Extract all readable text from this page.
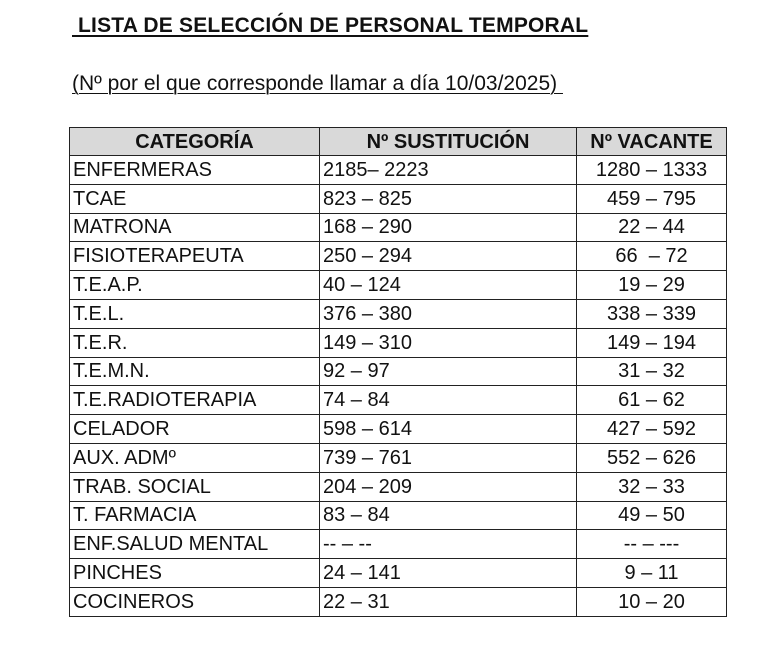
LISTA DE SELECCIÓN DE PERSONAL TEMPORAL
(Nº por el que corresponde llamar a día 10/03/2025)
CATEGORÍA	Nº SUSTITUCIÓN	Nº VACANTE
ENFERMERAS	2185– 2223	1280 – 1333
TCAE	823 – 825	459 – 795
MATRONA	168 – 290	22 – 44
FISIOTERAPEUTA	250 – 294	66  – 72
T.E.A.P.	40 – 124	19 – 29
T.E.L.	376 – 380	338 – 339
T.E.R.	149 – 310	149 – 194
T.E.M.N.	92 – 97	31 – 32
T.E.RADIOTERAPIA	74 – 84	61 – 62
CELADOR	598 – 614	427 – 592
AUX. ADMº	739 – 761	552 – 626
TRAB. SOCIAL	204 – 209	32 – 33
T. FARMACIA	83 – 84	49 – 50
ENF.SALUD MENTAL	-- – --	-- – ---
PINCHES	24 – 141	9 – 11
COCINEROS	22 – 31	10 – 20
